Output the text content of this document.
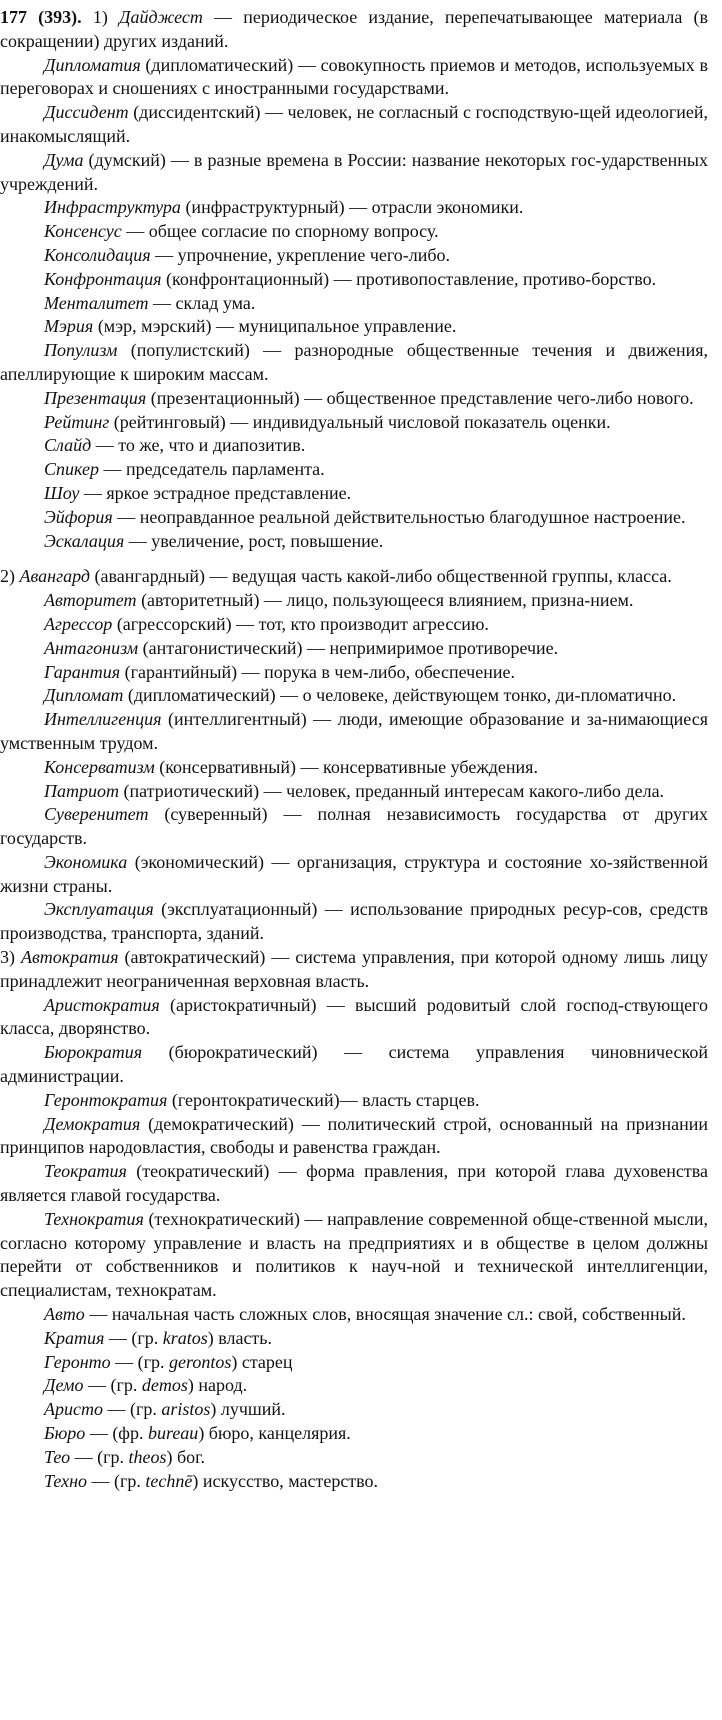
177 (393). 1) Дайджест — периодическое издание, перепечатывающее материала (в сокращении) других изданий.

Дипломатия (дипломатический) — совокупность приемов и методов, используемых в переговорах и сношениях с иностранными государствами.

Диссидент (диссидентский) — человек, не согласный с господствую-щей идеологией, инакомыслящий.

Дума (думский) — в разные времена в России: название некоторых гос-ударственных учреждений.

Инфраструктура (инфраструктурный) — отрасли экономики.

Консенсус — общее согласие по спорному вопросу.

Консолидация — упрочнение, укрепление чего-либо.

Конфронтация (конфронтационный) — противопоставление, противо-борство.

Менталитет — склад ума.

Мэрия (мэр, мэрский) — муниципальное управление.

Популизм (популистский) — разнородные общественные течения и движения, апеллирующие к широким массам.

Презентация (презентационный) — общественное представление чего-либо нового.

Рейтинг (рейтинговый) — индивидуальный числовой показатель оценки.

Слайд — то же, что и диапозитив.

Спикер — председатель парламента.

Шоу — яркое эстрадное представление.

Эйфория — неоправданное реальной действительностью благодушное настроение.

Эскалация — увеличение, рост, повышение.

2) Авангард (авангардный) — ведущая часть какой-либо общественной группы, класса.

Авторитет (авторитетный) — лицо, пользующееся влиянием, призна-нием.

Агрессор (агрессорский) — тот, кто производит агрессию.

Антагонизм (антагонистический) — непримиримое противоречие.

Гарантия (гарантийный) — порука в чем-либо, обеспечение.

Дипломат (дипломатический) — о человеке, действующем тонко, ди-пломатично.

Интеллигенция (интеллигентный) — люди, имеющие образование и за-нимающиеся умственным трудом.

Консерватизм (консервативный) — консервативные убеждения.

Патриот (патриотический) — человек, преданный интересам какого-либо дела.

Суверенитет (суверенный) — полная независимость государства от других государств.

Экономика (экономический) — организация, структура и состояние хо-зяйственной жизни страны.

Эксплуатация (эксплуатационный) — использование природных ресур-сов, средств производства, транспорта, зданий.

3) Автократия (автократический) — система управления, при которой одному лишь лицу принадлежит неограниченная верховная власть.

Аристократия (аристократичный) — высший родовитый слой господ-ствующего класса, дворянство.

Бюрократия (бюрократический) — система управления чиновнической администрации.

Геронтократия (геронтократический)— власть старцев.

Демократия (демократический) — политический строй, основанный на признании принципов народовластия, свободы и равенства граждан.

Теократия (теократический) — форма правления, при которой глава духовенства является главой государства.

Технократия (технократический) — направление современной обще-ственной мысли, согласно которому управление и власть на предприятиях и в обществе в целом должны перейти от собственников и политиков к науч-ной и технической интеллигенции, специалистам, технократам.

Авто — начальная часть сложных слов, вносящая значение сл.: свой, собственный.

Кратия — (гр. kratos) власть.

Геронто — (гр. gerontos) старец

Демо — (гр. demos) народ.

Аристо — (гр. aristos) лучший.

Бюро — (фр. bureau) бюро, канцелярия.

Тео — (гр. theos) бог.

Техно — (гр. technē) искусство, мастерство.
